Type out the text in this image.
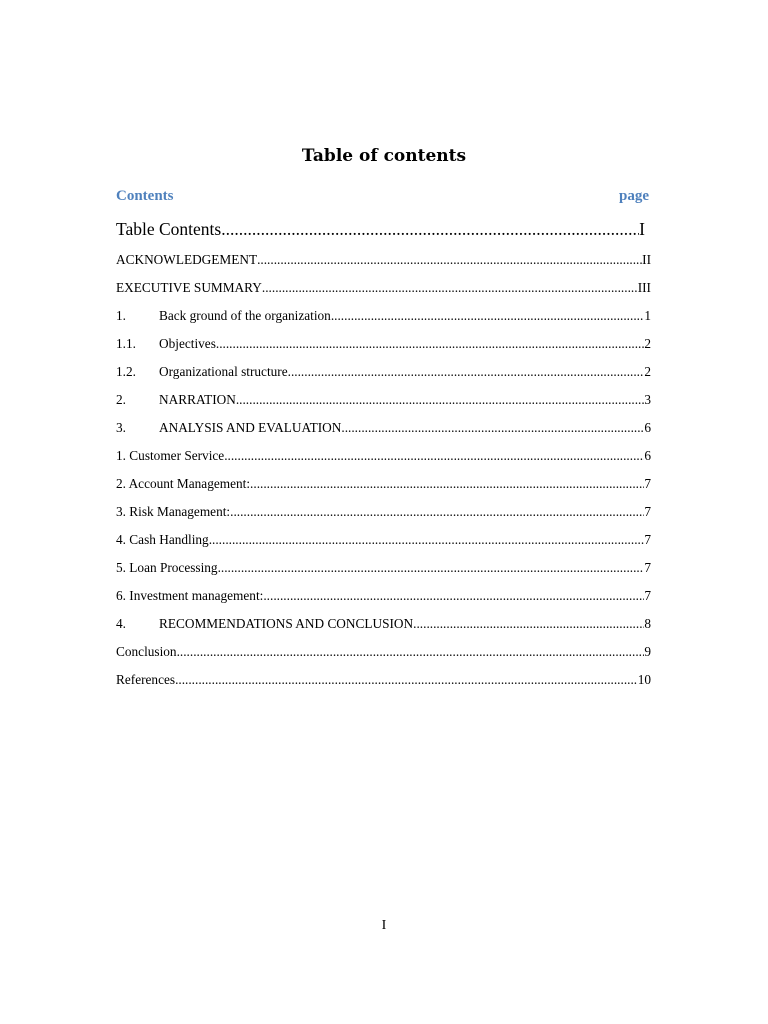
Table of contents
Contents	page
Table Contents .....	I
ACKNOWLEDGEMENT .....	II
EXECUTIVE SUMMARY .....	III
1.	Back ground of the organization .....	1
1.1.	Objectives .....	2
1.2.	Organizational structure .....	2
2.	NARRATION .....	3
3.	ANALYSIS AND EVALUATION .....	6
1. Customer Service .....	6
2. Account Management: .....	7
3. Risk Management: .....	7
4. Cash Handling .....	7
5. Loan Processing .....	7
6. Investment management: .....	7
4.	RECOMMENDATIONS AND CONCLUSION .....	8
Conclusion .....	9
References .....	10
I
